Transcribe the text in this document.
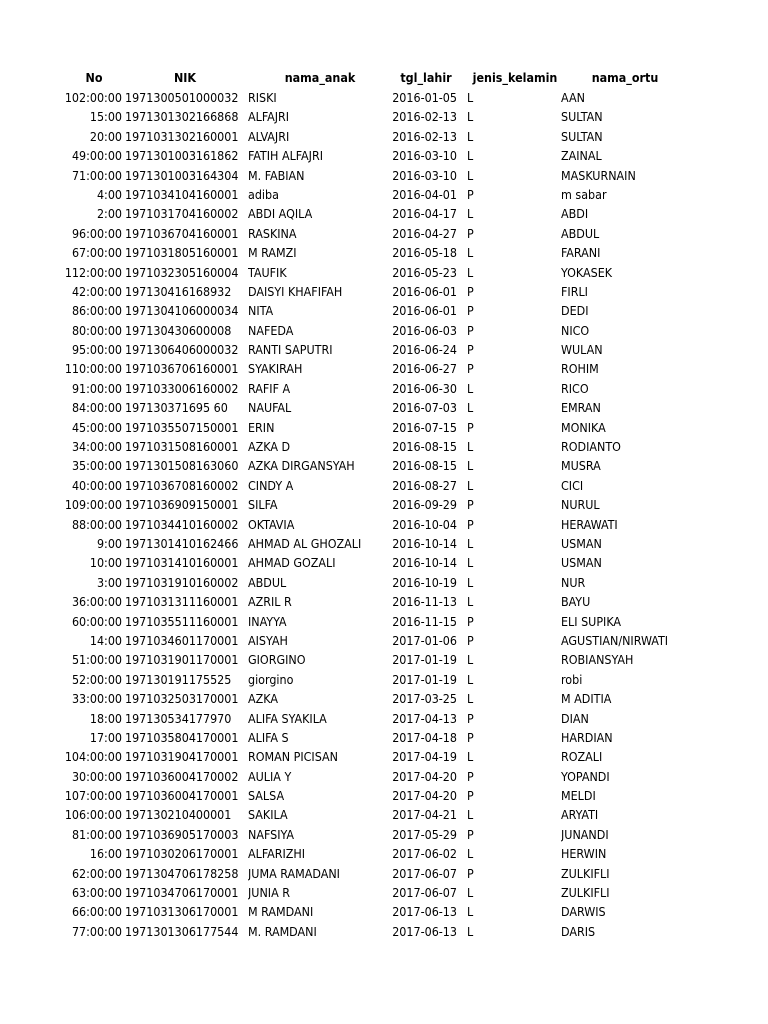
No	NIK	nama_anak	tgl_lahir	jenis_kelamin	nama_ortu
102:00:00 1971300501000032 RISKI	2016-01-05 L	AAN
15:00 1971301302166868 ALFAJRI	2016-02-13 L	SULTAN
20:00 1971031302160001 ALVAJRI	2016-02-13 L	SULTAN
49:00:00 1971301003161862 FATIH ALFAJRI	2016-03-10 L	ZAINAL
71:00:00 1971301003164304 M. FABIAN	2016-03-10 L	MASKURNAIN
4:00 1971034104160001 adiba	2016-04-01 P	m sabar
2:00 1971031704160002 ABDI AQILA	2016-04-17 L	ABDI
96:00:00 1971036704160001 RASKINA	2016-04-27 P	ABDUL
67:00:00 1971031805160001 M RAMZI	2016-05-18 L	FARANI
112:00:00 1971032305160004 TAUFIK	2016-05-23 L	YOKASEK
42:00:00 197130416168932	DAISYI KHAFIFAH	2016-06-01 P	FIRLI
86:00:00 1971304106000034 NITA	2016-06-01 P	DEDI
80:00:00 197130430600008	NAFEDA	2016-06-03 P	NICO
95:00:00 1971306406000032 RANTI SAPUTRI	2016-06-24 P	WULAN
110:00:00 1971036706160001 SYAKIRAH	2016-06-27 P	ROHIM
91:00:00 1971033006160002 RAFIF A	2016-06-30 L	RICO
84:00:00 197130371695 60	NAUFAL	2016-07-03 L	EMRAN
45:00:00 1971035507150001 ERIN	2016-07-15 P	MONIKA
34:00:00 1971031508160001 AZKA D	2016-08-15 L	RODIANTO
35:00:00 1971301508163060 AZKA DIRGANSYAH	2016-08-15 L	MUSRA
40:00:00 1971036708160002 CINDY A	2016-08-27 L	CICI
109:00:00 1971036909150001 SILFA	2016-09-29 P	NURUL
88:00:00 1971034410160002 OKTAVIA	2016-10-04 P	HERAWATI
9:00 1971301410162466 AHMAD AL GHOZALI	2016-10-14 L	USMAN
10:00 1971031410160001 AHMAD GOZALI	2016-10-14 L	USMAN
3:00 1971031910160002 ABDUL	2016-10-19 L	NUR
36:00:00 1971031311160001 AZRIL R	2016-11-13 L	BAYU
60:00:00 1971035511160001 INAYYA	2016-11-15 P	ELI SUPIKA
14:00 1971034601170001 AISYAH	2017-01-06 P	AGUSTIAN/NIRWATI
51:00:00 1971031901170001 GIORGINO	2017-01-19 L	ROBIANSYAH
52:00:00 197130191175525	giorgino	2017-01-19 L	robi
33:00:00 1971032503170001 AZKA	2017-03-25 L	M ADITIA
18:00 197130534177970	ALIFA SYAKILA	2017-04-13 P	DIAN
17:00 1971035804170001 ALIFA S	2017-04-18 P	HARDIAN
104:00:00 1971031904170001 ROMAN PICISAN	2017-04-19 L	ROZALI
30:00:00 1971036004170002 AULIA Y	2017-04-20 P	YOPANDI
107:00:00 1971036004170001 SALSA	2017-04-20 P	MELDI
106:00:00 197130210400001	SAKILA	2017-04-21 L	ARYATI
81:00:00 1971036905170003 NAFSIYA	2017-05-29 P	JUNANDI
16:00 1971030206170001 ALFARIZHI	2017-06-02 L	HERWIN
62:00:00 1971304706178258 JUMA RAMADANI	2017-06-07 P	ZULKIFLI
63:00:00 1971034706170001 JUNIA R	2017-06-07 L	ZULKIFLI
66:00:00 1971031306170001 M RAMDANI	2017-06-13 L	DARWIS
77:00:00 1971301306177544 M. RAMDANI	2017-06-13 L	DARIS
